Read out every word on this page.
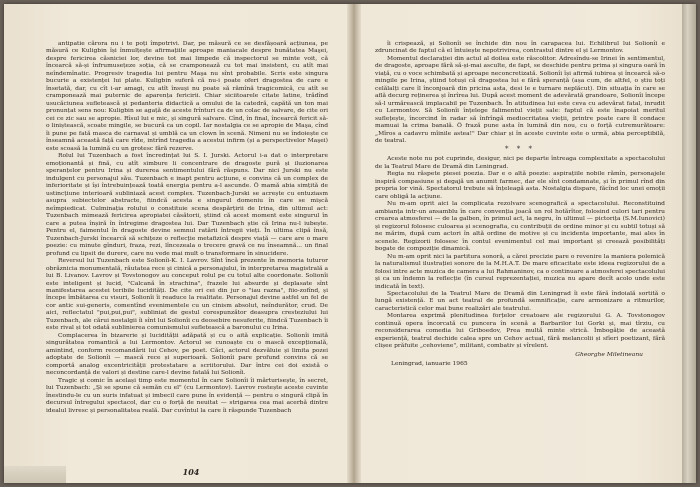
antipatie cărora nu i te poți împotrivi. Dar, pe măsură ce se desfășoară acțiunea, pe măsură ce Kuligbin își înmulțește afirmațiile aproape maniacale despre bunătatea Maşei, despre fericirea căsniciei lor, devine tot mai limpede că inspectorul se minte voit, că încearcă să-și înfrumusețeze soția, că se cramponează cu tot mai insistent, cu atît mai neîndemînatic. Progresiv tragedia lui pentru Maşa nu sînt probabile. Scris este singura bucurie a existenței lui plate. Kuligbin suferă că nu-i poate oferi dragostea de care e însetată, dar, cu cît i-ar amagi, cu atît însuși nu poate să rămînă tragicomică, cu atît se cramponează mai puternic de aparența fericirii. Chiar siciitoarele citate latine, trădînd usucăciunea sufletească și pedanteria didactică a omului de la catedră, capătă un ton mai pronunțat sens nou: Kuligbin se agață de aceste frînturi ca de un colac de salvare, de cite ori cei ce zic sau se apropie. Rîsul lui e mic, și singură salvare. Cînd, în final, încearcă fericit să-o liniștească, scoate mingile, se bucură ca un copil. Iar nostalgia ce se apropie de Maşa, cînd îi pune pe fată masca de carnaval și umblă ca un clown în scenă. Nimeni nu se îndoiește ce înseamnă această față care rîde, intrînd tragedia a acestui infirm (și a perspectivelor Maşei) este scoasă la lumină cu un grotesc fără rezerve.

Rolul lui Tuzenbach a fost încredințat lui S. I. Jurski. Actorul i-a dat o interpretare emoționantă și fină, cu atît simbure li concentrare de dragoste pură și iluzionarea speranțelor pentru Irina și durerea sentimentului fără răspuns. Dar nici Jurski nu este indulgent cu personajul său. Tuzenbach e inapt pentru acțiune, e convins că un complex de inferioritate și își întrebuințează toată energia pentru a-l ascunde. Ö mamă abia simțită de ustincțiune interioară subliniază acest complex. Tuzenbach-Jurski se acrește cu entuziasm asupra subiectelor abstracte, fiindcă acesta e singurul domeniu în care se mișcă neîmpiedicat. Culminația rolului o constituie scena despărțirii de Irina, din ultimul act: Tuzenbach mimează fericirea apropiatei căsătorii, știind că acest moment este singurul în care a putea înșiră în întregime dragostea lui. Dar Tuzenbach știe că Irina nu-l iubește. Pentru el, faimentul în dragoste devine semnul ratării întregii vieți. În ultima clipă însă, Tuzenbach-Jurski încearcă să schițeze o reflecție metafizică despre viață — care are o mare poezie: cu minute gînduri, fraza, rezi, lîncezeala o trecere gravă ce nu înseamnă... un final profund cu lipsit de durere, care nu vede mai mult o transformare în sinucidere.

Reversul lui Tuzenbach este Solionîi-K. I. Lavrov. Sînt încă prezente în memoria tuturor obrăznicia monumentală, răutatea rece și cinică a personajului, în interpretarea magistrală a lui B. Livanov. Lavrov și Tovstonogov au conceput rolul pe cu totul alte coordonate. Solionîi este inteligent și lucid, "Calcană în strachina", frazele lui absurde și deplasate sînt manifestarea acestei teribile lucidități. De cite ori cei din jur o "iau razna", fiio-zofînd, și începe îmbătarea cu visuri, Solionîi îi readuce la realitate. Personajul devine astfel un fel de cor antic sui-generis, comentînd evenimentele cu un cinism absolut, neîndurător, crud. De aici, reflectatul "pui,pui,pui", subliniat de gestul corespunzător deasupra cresteziului lui Tuzenbach, ale cărui nostalgii îi sînt lui Solionîi cu deosebire nesuferite, fiindcă Tuzenbach îi este rival și tot odată sublinierea comunismului sufletească a baronului cu Irina.

Complacerea în bizarerie și lucidității adăpată și cu o aită explicație. Solionîi imită singurătatea romantică a lui Lermontov. Actorul se cunoaște cu o mască excepțională, amintind, conform recomandării lui Cehov, pe poet. Căci, actorul dezvăluie și limita pozei adoptate de Solionîi — mască rece și superioară. Solionîi pare profund convins că se comportă analog excentricității protestatare a scriitorului. Dar între cei doi există o neconcordanță de valori și destine care-l devine fatală lui Solionîi.

Tragic și comic în același timp este momentul în care Solionîi îi mărturisește, în secret, lui Tuzenbach: „Și se spune că semăn cu el" (cu Lermontov). Lavrov rostește aceste cuvinte înestindu-le cu un suris infatuat și imbecil care pune în evidență — pentru o singură clipă în decursul întregului spectacol, dar cu o forță de neuitat — strigarea cea mai acerbă dintre idealul livresc și personalitatea reală. Dar cuvîntul la care îi răspunde Tuzenbach

104

îi crispează, și Solionîi se închide din nou în carapacea lui. Echilibrul lui Solionîi e zdruncinat de faptul că el întuiește nepotrivirea, contrastul dintre el și Lermontov.

Momentul declarației din actul al doilea este răscolitor. Adresîndu-se Irinei în sentimentul, de dragoste, aproape fără să-și-mai asculte, de fapt, se deschide pentru prima și singura oară în viață, cu o voce schimbată și aproape neconcretizată. Solionîi își afirmă iubirea și încearcă să-o mingile pe Irina, știind totuși că dragostea lui e fără speranță (așa cum, de altfel, o știu toți celălalți care îl înconjoară din pricina asta, desi le e turnare neplăcut). Din situația în care se află decurg reținerea și înrîrea lui. După acest moment de adevărată grandoare, Solionîi începe să-l urmărească implacabil pe Tuzenbach. În atitudinea lui este ceva cu adevărat fatal, inrudit cu Lermontov. Să Solionîi înțelege falimentul vieții sale: faptul că este înapoiat meritul suflețește, încorcind în radar să înfrîngă mediocritatea vieții, printre poate care îl condace mamuai la crima banală. Ö frază pune asta în lumină din nou, cu o forță cutremurătoare: „Mîros a cadavru mîinile astea!" Dar chiar și în aceste cuvinte este o urmă, abia perceptibilă, de teatral.

* * *

Aceste note nu pot cuprinde, desigur, nici pe departe întreaga complexitate a spectacolului de la Teatrul Mare de Dramă din Leningrad.

Regia nu răspete piesei poezia. Dar e o altă poezie: aspirațiile nobile rămîn, personajele inspiră compasiune și degajă un anumit farmec, dar ele sînt condamnate, și în primul rînd din propria lor vină. Spectatorul trebuie să înțeleagă asta. Nostalgia dispare, făcînd loc unei emoții care obligă la acțiune.

Nu m-am oprit aici la complicata rezolvare scenografică a spectacolului. Reconstituind ambianța intr-un ansamblu în care convenția joacă un rol hotărîtor, folosind culori tari pentru crearea atmosferei — de la galben, în primul act, la negru, în ultimul — pictorița (S.M.Iunovici) și regizorul folosesc culoarea și scenografia, cu contribuții de ordine minor și cu subtil totuși să ne mărim, după cum actori în altă ordine de motive și cu incidenta importante, mai ales în scenele. Regizorii folosesc în contul evenimentul cel mai important și creează posibilități bogate de compoziție dinamică.

Nu m-am oprit nici la partitura sonoră, a cărei precizie pare o revenire la maniera polemică la naturalismul ilustrației sonore de la M.H.A.T. De mare eficacitate este ideea regizorului de a folosi intre acte muzica de camera a lui Rahmaninov, ca o continuare a atmosferei spectacolului și ca un îndemn la reflecție (în cursul reprezentației, muzica nu apare decît acolo unde este indicată în text).

Spectacolului de la Teatrul Mare de Dramă din Leningrad îi este fără îndoială sortită o lungă existență. E un act teatral de profundă semnificație, care armonizare a ritmurilor, caracteristică celor mai bune realizări ale teatrului.

Montarea exprimă plenitudinea forțelor creatoare ale regizorului G. A. Tovstonogov continuă opera încorcată cu puncera în scenă a Barbarilor lui Gorki și, mai tîrziu, cu reconsiderarea comedia lui Griboedov, Prea multă minte strică. Îmbogăție de aceastǎ experiență, teatrul dechide calea spre un Cehov actual, fără melancolii și sfîeri poetizant, fără clișee prăfuite „cehoviene", militant, combativ și vîrelent.

Gheorghe Miletineanu
Leningrad, ianuarie 1965
